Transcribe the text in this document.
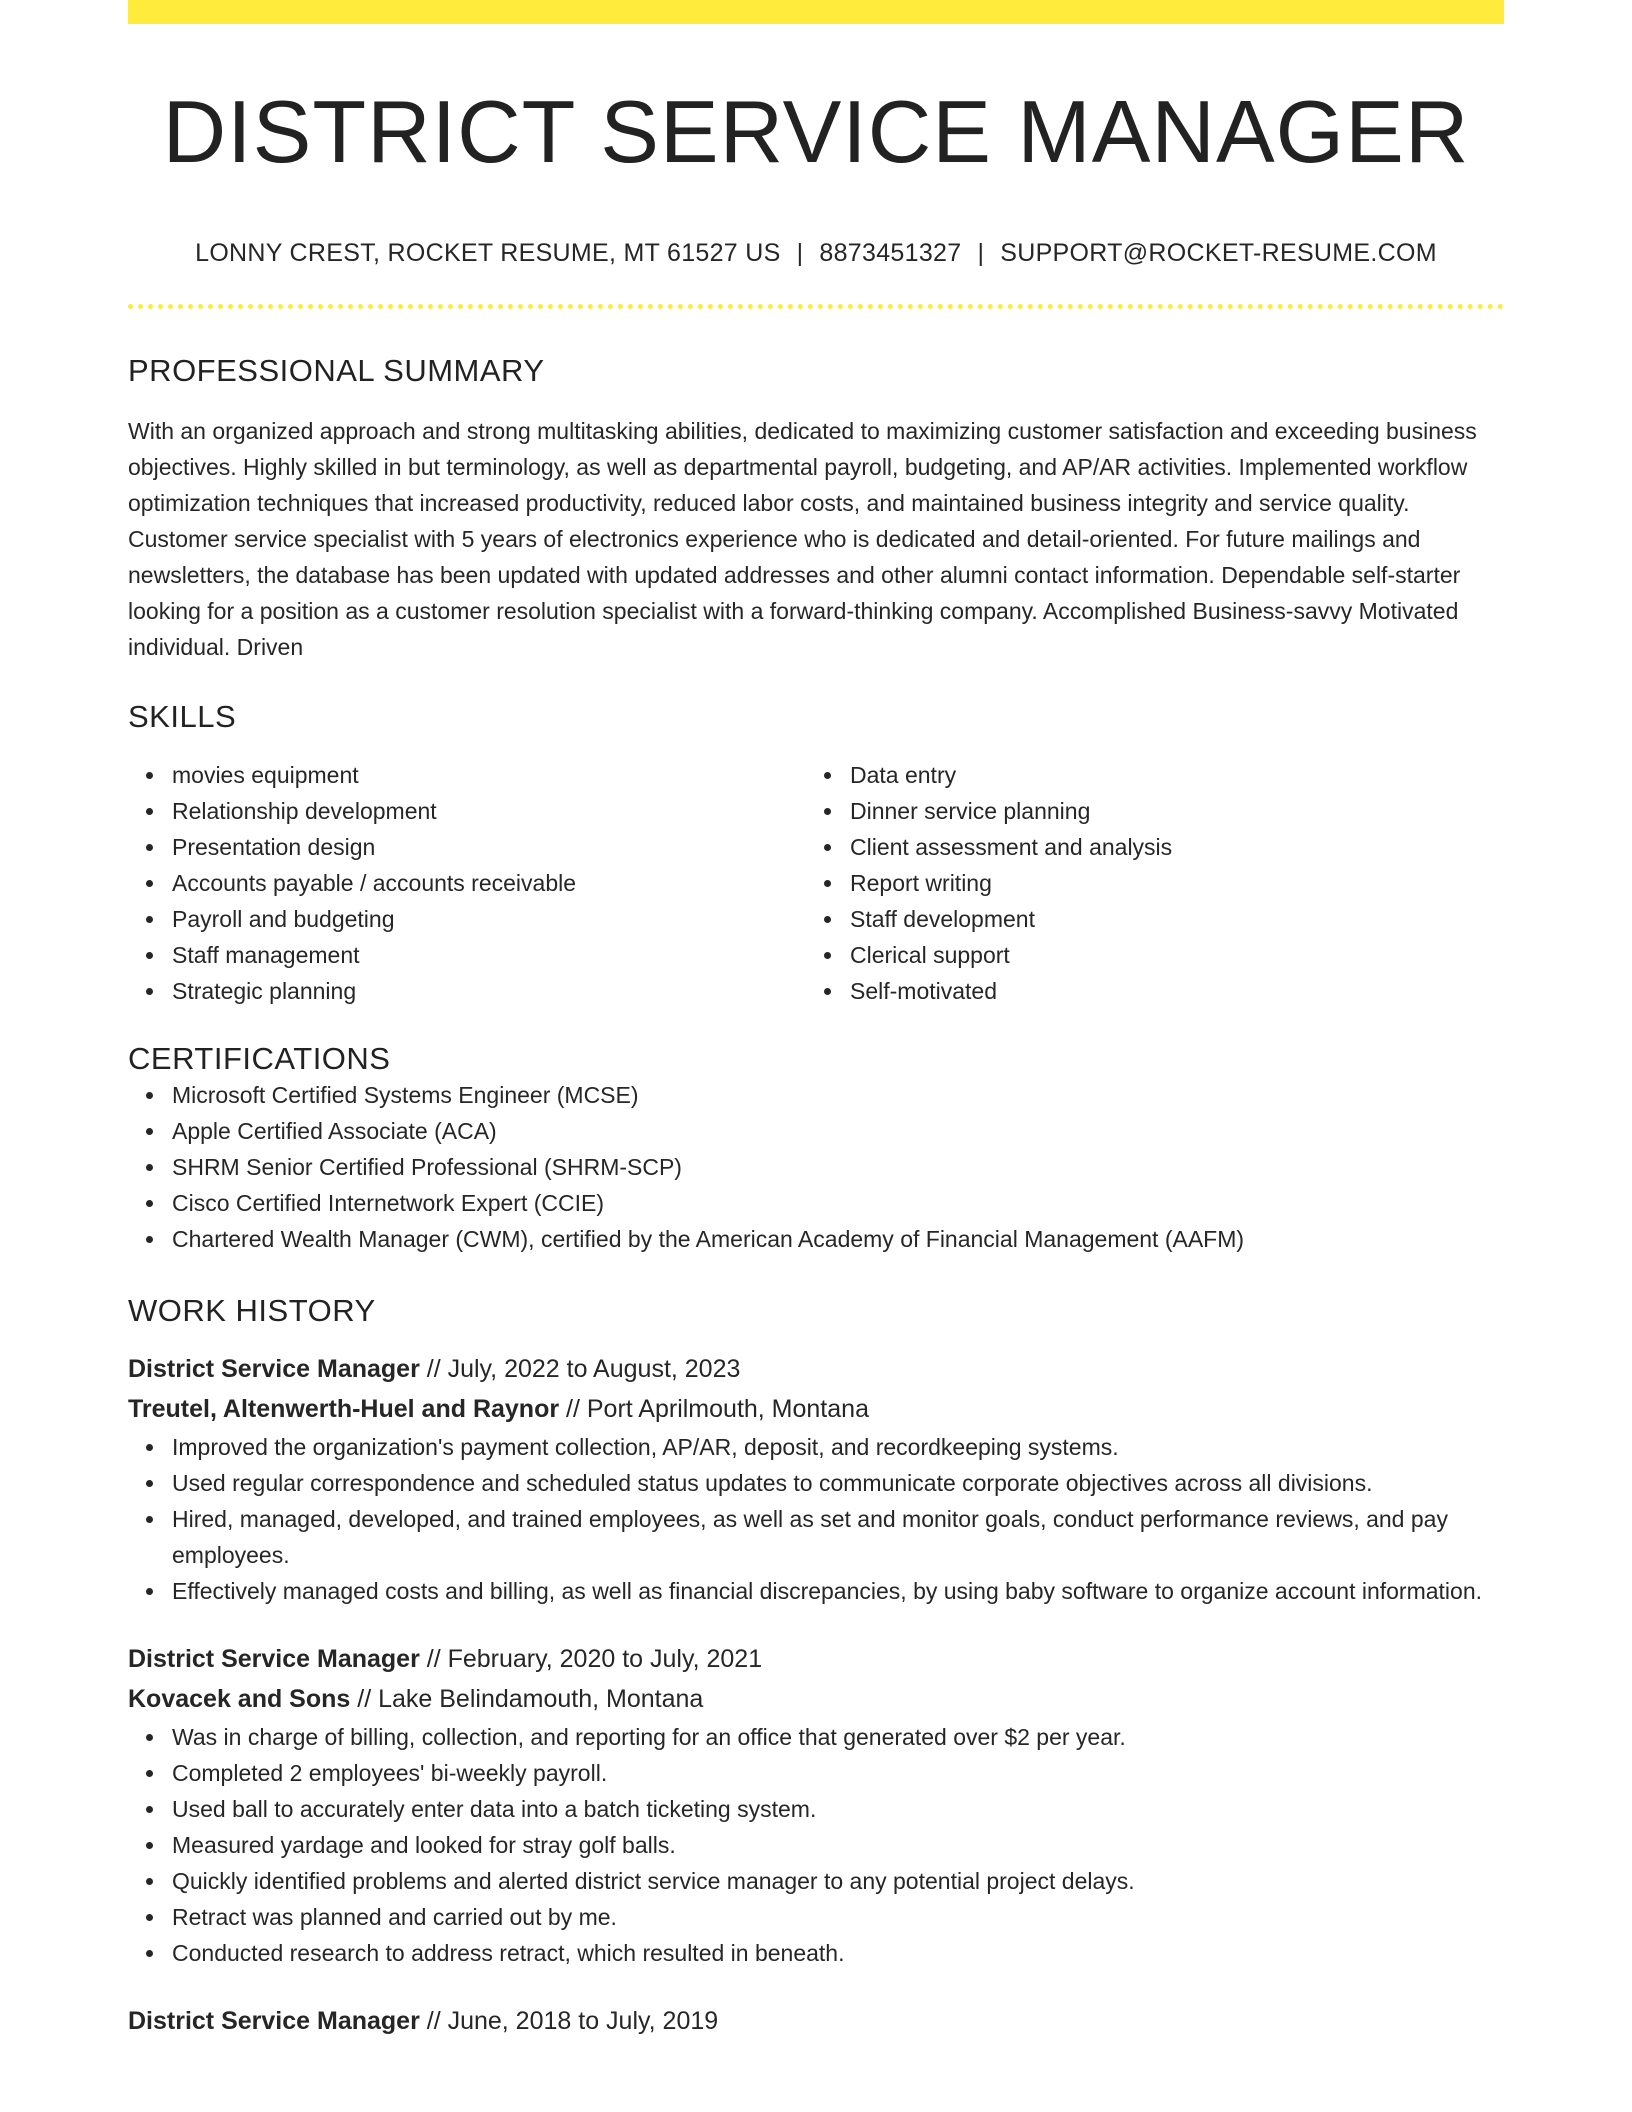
DISTRICT SERVICE MANAGER
LONNY CREST, ROCKET RESUME, MT 61527 US | 8873451327 | SUPPORT@ROCKET-RESUME.COM
PROFESSIONAL SUMMARY
With an organized approach and strong multitasking abilities, dedicated to maximizing customer satisfaction and exceeding business objectives. Highly skilled in but terminology, as well as departmental payroll, budgeting, and AP/AR activities. Implemented workflow optimization techniques that increased productivity, reduced labor costs, and maintained business integrity and service quality. Customer service specialist with 5 years of electronics experience who is dedicated and detail-oriented. For future mailings and newsletters, the database has been updated with updated addresses and other alumni contact information. Dependable self-starter looking for a position as a customer resolution specialist with a forward-thinking company. Accomplished Business-savvy Motivated individual. Driven
SKILLS
movies equipment
Relationship development
Presentation design
Accounts payable / accounts receivable
Payroll and budgeting
Staff management
Strategic planning
Data entry
Dinner service planning
Client assessment and analysis
Report writing
Staff development
Clerical support
Self-motivated
CERTIFICATIONS
Microsoft Certified Systems Engineer (MCSE)
Apple Certified Associate (ACA)
SHRM Senior Certified Professional (SHRM-SCP)
Cisco Certified Internetwork Expert (CCIE)
Chartered Wealth Manager (CWM), certified by the American Academy of Financial Management (AAFM)
WORK HISTORY
District Service Manager // July, 2022 to August, 2023
Treutel, Altenwerth-Huel and Raynor // Port Aprilmouth, Montana
Improved the organization's payment collection, AP/AR, deposit, and recordkeeping systems.
Used regular correspondence and scheduled status updates to communicate corporate objectives across all divisions.
Hired, managed, developed, and trained employees, as well as set and monitor goals, conduct performance reviews, and pay employees.
Effectively managed costs and billing, as well as financial discrepancies, by using baby software to organize account information.
District Service Manager // February, 2020 to July, 2021
Kovacek and Sons // Lake Belindamouth, Montana
Was in charge of billing, collection, and reporting for an office that generated over $2 per year.
Completed 2 employees' bi-weekly payroll.
Used ball to accurately enter data into a batch ticketing system.
Measured yardage and looked for stray golf balls.
Quickly identified problems and alerted district service manager to any potential project delays.
Retract was planned and carried out by me.
Conducted research to address retract, which resulted in beneath.
District Service Manager // June, 2018 to July, 2019
